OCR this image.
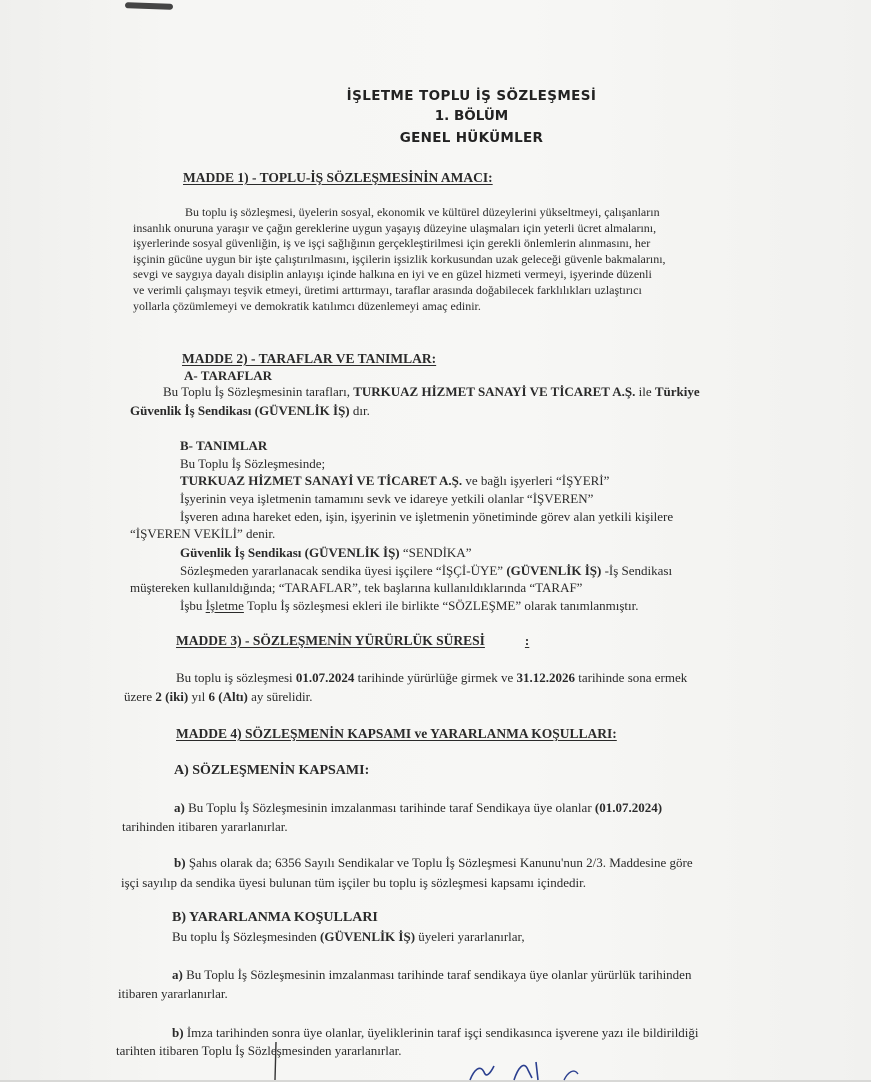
İŞLETME TOPLU İŞ SÖZLEŞMESİ
1. BÖLÜM
GENEL HÜKÜMLER
MADDE 1) - TOPLU-İŞ SÖZLEŞMESİNİN AMACI:
Bu toplu iş sözleşmesi, üyelerin sosyal, ekonomik ve kültürel düzeylerini yükseltmeyi, çalışanların
insanlık onuruna yaraşır ve çağın gereklerine uygun yaşayış düzeyine ulaşmaları için yeterli ücret almalarını,
işyerlerinde sosyal güvenliğin, iş ve işçi sağlığının gerçekleştirilmesi için gerekli önlemlerin alınmasını, her
işçinin gücüne uygun bir işte çalıştırılmasını, işçilerin işsizlik korkusundan uzak geleceği güvenle bakmalarını,
sevgi ve saygıya dayalı disiplin anlayışı içinde halkına en iyi ve en güzel hizmeti vermeyi, işyerinde düzenli
ve verimli çalışmayı teşvik etmeyi, üretimi arttırmayı, taraflar arasında doğabilecek farklılıkları uzlaştırıcı
yollarla çözümlemeyi ve demokratik katılımcı düzenlemeyi amaç edinir.
MADDE 2) - TARAFLAR VE TANIMLAR:
A- TARAFLAR
Bu Toplu İş Sözleşmesinin tarafları, TURKUAZ HİZMET SANAYİ VE TİCARET A.Ş. ile Türkiye
Güvenlik İş Sendikası (GÜVENLİK İŞ) dır.
B- TANIMLAR
Bu Toplu İş Sözleşmesinde;
TURKUAZ HİZMET SANAYİ VE TİCARET A.Ş. ve bağlı işyerleri “İŞYERİ”
İşyerinin veya işletmenin tamamını sevk ve idareye yetkili olanlar “İŞVEREN”
İşveren adına hareket eden, işin, işyerinin ve işletmenin yönetiminde görev alan yetkili kişilere
“İŞVEREN VEKİLİ” denir.
Güvenlik İş Sendikası (GÜVENLİK İŞ) “SENDİKA”
Sözleşmeden yararlanacak sendika üyesi işçilere “İŞÇİ-ÜYE” (GÜVENLİK İŞ) -İş Sendikası
müştereken kullanıldığında; “TARAFLAR”, tek başlarına kullanıldıklarında “TARAF”
İşbu İşletme Toplu İş sözleşmesi ekleri ile birlikte “SÖZLEŞME” olarak tanımlanmıştır.
MADDE 3) - SÖZLEŞMENİN YÜRÜRLÜK SÜRESİ	:
Bu toplu iş sözleşmesi 01.07.2024 tarihinde yürürlüğe girmek ve 31.12.2026 tarihinde sona ermek
üzere 2 (iki) yıl 6 (Altı) ay sürelidir.
MADDE 4) SÖZLEŞMENİN KAPSAMI ve YARARLANMA KOŞULLARI:
A) SÖZLEŞMENİN KAPSAMI:
a) Bu Toplu İş Sözleşmesinin imzalanması tarihinde taraf Sendikaya üye olanlar (01.07.2024)
tarihinden itibaren yararlanırlar.
b) Şahıs olarak da; 6356 Sayılı Sendikalar ve Toplu İş Sözleşmesi Kanunu'nun 2/3. Maddesine göre
işçi sayılıp da sendika üyesi bulunan tüm işçiler bu toplu iş sözleşmesi kapsamı içindedir.
B) YARARLANMA KOŞULLARI
Bu toplu İş Sözleşmesinden (GÜVENLİK İŞ) üyeleri yararlanırlar,
a) Bu Toplu İş Sözleşmesinin imzalanması tarihinde taraf sendikaya üye olanlar yürürlük tarihinden
itibaren yararlanırlar.
b) İmza tarihinden sonra üye olanlar, üyeliklerinin taraf işçi sendikasınca işverene yazı ile bildirildiği
tarihten itibaren Toplu İş Sözleşmesinden yararlanırlar.
